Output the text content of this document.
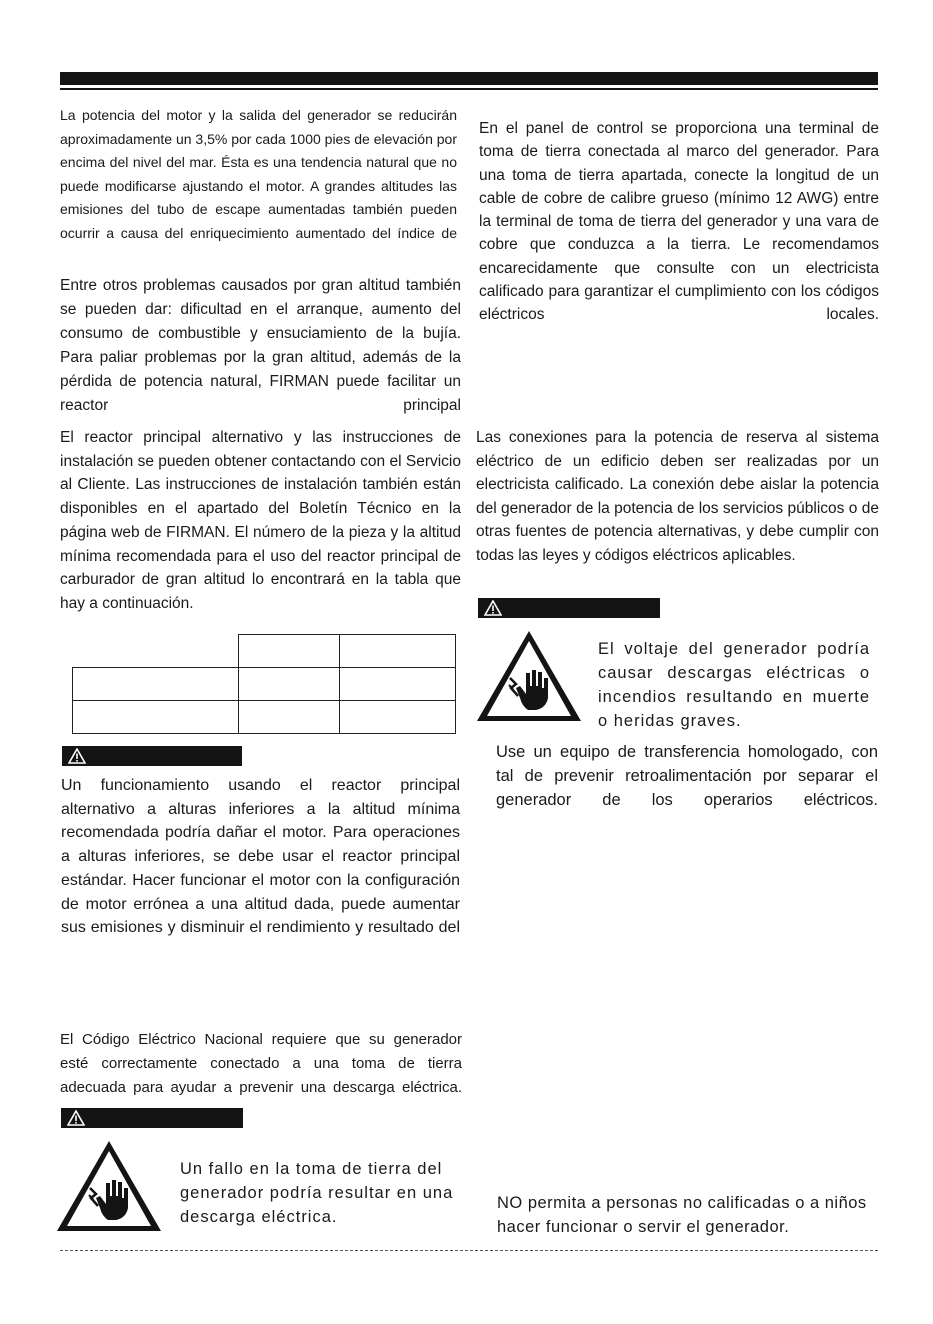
La potencia del motor y la salida del generador se reducirán aproximadamente un 3,5% por cada 1000 pies de elevación por encima del nivel del mar. Ésta es una tendencia natural que no puede modificarse ajustando el motor. A grandes altitudes las emisiones del tubo de escape aumentadas también pueden ocurrir a causa del enriquecimiento aumentado del índice de

Entre otros problemas causados por gran altitud también se pueden dar: dificultad en el arranque, aumento del consumo de combustible y ensuciamiento de la bujía. Para paliar problemas por la gran altitud, además de la pérdida de potencia natural, FIRMAN puede facilitar un reactor principal

El reactor principal alternativo y las instrucciones de instalación se pueden obtener contactando con el Servicio al Cliente. Las instrucciones de instalación también están disponibles en el apartado del Boletín Técnico en la página web de FIRMAN. El número de la pieza y la altitud mínima recomendada para el uso del reactor principal de carburador de gran altitud lo encontrará en la tabla que hay a continuación.

Un funcionamiento usando el reactor principal alternativo a alturas inferiores a la altitud mínima recomendada podría dañar el motor. Para operaciones a alturas inferiores, se debe usar el reactor principal estándar. Hacer funcionar el motor con la configuración de motor errónea a una altitud dada, puede aumentar sus emisiones y disminuir el rendimiento y resultado del

El Código Eléctrico Nacional requiere que su generador esté correctamente conectado a una toma de tierra adecuada para ayudar a prevenir una descarga eléctrica.

Un fallo en la toma de tierra del generador podría resultar en una descarga eléctrica.

En el panel de control se proporciona una terminal de toma de tierra conectada al marco del generador. Para una toma de tierra apartada, conecte la longitud de un cable de cobre de calibre grueso (mínimo 12 AWG) entre la terminal de toma de tierra del generador y una vara de cobre que conduzca a la tierra. Le recomendamos encarecidamente que consulte con un electricista calificado para garantizar el cumplimiento con los códigos eléctricos locales.

Las conexiones para la potencia de reserva al sistema eléctrico de un edificio deben ser realizadas por un electricista calificado. La conexión debe aislar la potencia del generador de la potencia de los servicios públicos o de otras fuentes de potencia alternativas, y debe cumplir con todas las leyes y códigos eléctricos aplicables.

El voltaje del generador podría causar descargas eléctricas o incendios resultando en muerte o heridas graves.

Use un equipo de transferencia homologado, con tal de prevenir retroalimentación por separar el generador de los operarios eléctricos.

NO permita a personas no calificadas o a niños hacer funcionar o servir el generador.
